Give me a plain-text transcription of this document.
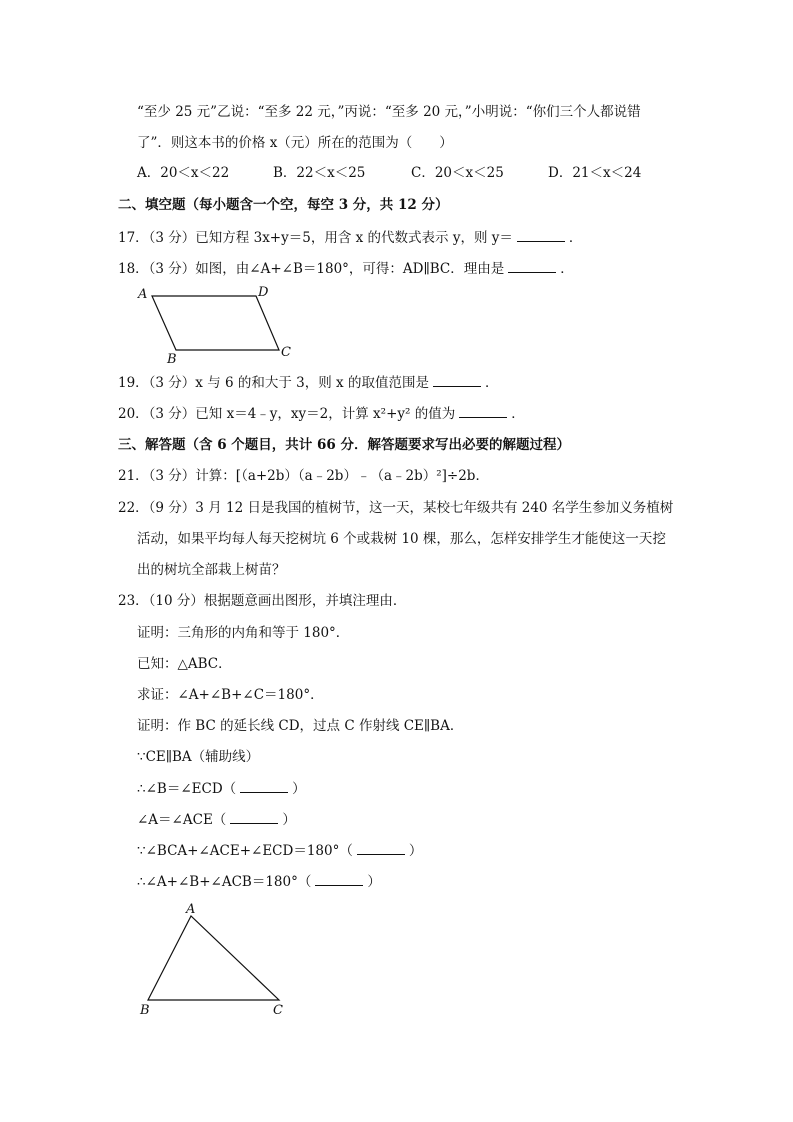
“至少 25 元”乙说：“至多 22 元，”丙说：“至多 20 元，”小明说：“你们三个人都说错
了”．则这本书的价格 x（元）所在的范围为（　　）
A．20＜x＜22	B．22＜x＜25	C．20＜x＜25	D．21＜x＜24
二、填空题（每小题含一个空，每空 3 分，共 12 分）
17．（3 分）已知方程 3x+y＝5，用含 x 的代数式表示 y，则 y＝	．
18．（3 分）如图，由∠A+∠B＝180°，可得：AD∥BC．理由是	．
A	D
B	C
19．（3 分）x 与 6 的和大于 3，则 x 的取值范围是	．
20．（3 分）已知 x＝4﹣y，xy＝2，计算 x²+y² 的值为	．
三、解答题（含 6 个题目，共计 66 分．解答题要求写出必要的解题过程）
21．（3 分）计算：[（a+2b）（a﹣2b）﹣（a﹣2b）²]÷2b．
22．（9 分）3 月 12 日是我国的植树节，这一天，某校七年级共有 240 名学生参加义务植树
活动，如果平均每人每天挖树坑 6 个或栽树 10 棵，那么，怎样安排学生才能使这一天挖
出的树坑全部栽上树苗？
23．（10 分）根据题意画出图形，并填注理由．
证明：三角形的内角和等于 180°．
已知：△ABC．
求证：∠A+∠B+∠C＝180°．
证明：作 BC 的延长线 CD，过点 C 作射线 CE∥BA．
∵CE∥BA（辅助线）
∴∠B＝∠ECD（	）
∠A＝∠ACE（	）
∵∠BCA+∠ACE+∠ECD＝180°（	）
∴∠A+∠B+∠ACB＝180°（	）
A
B	C
